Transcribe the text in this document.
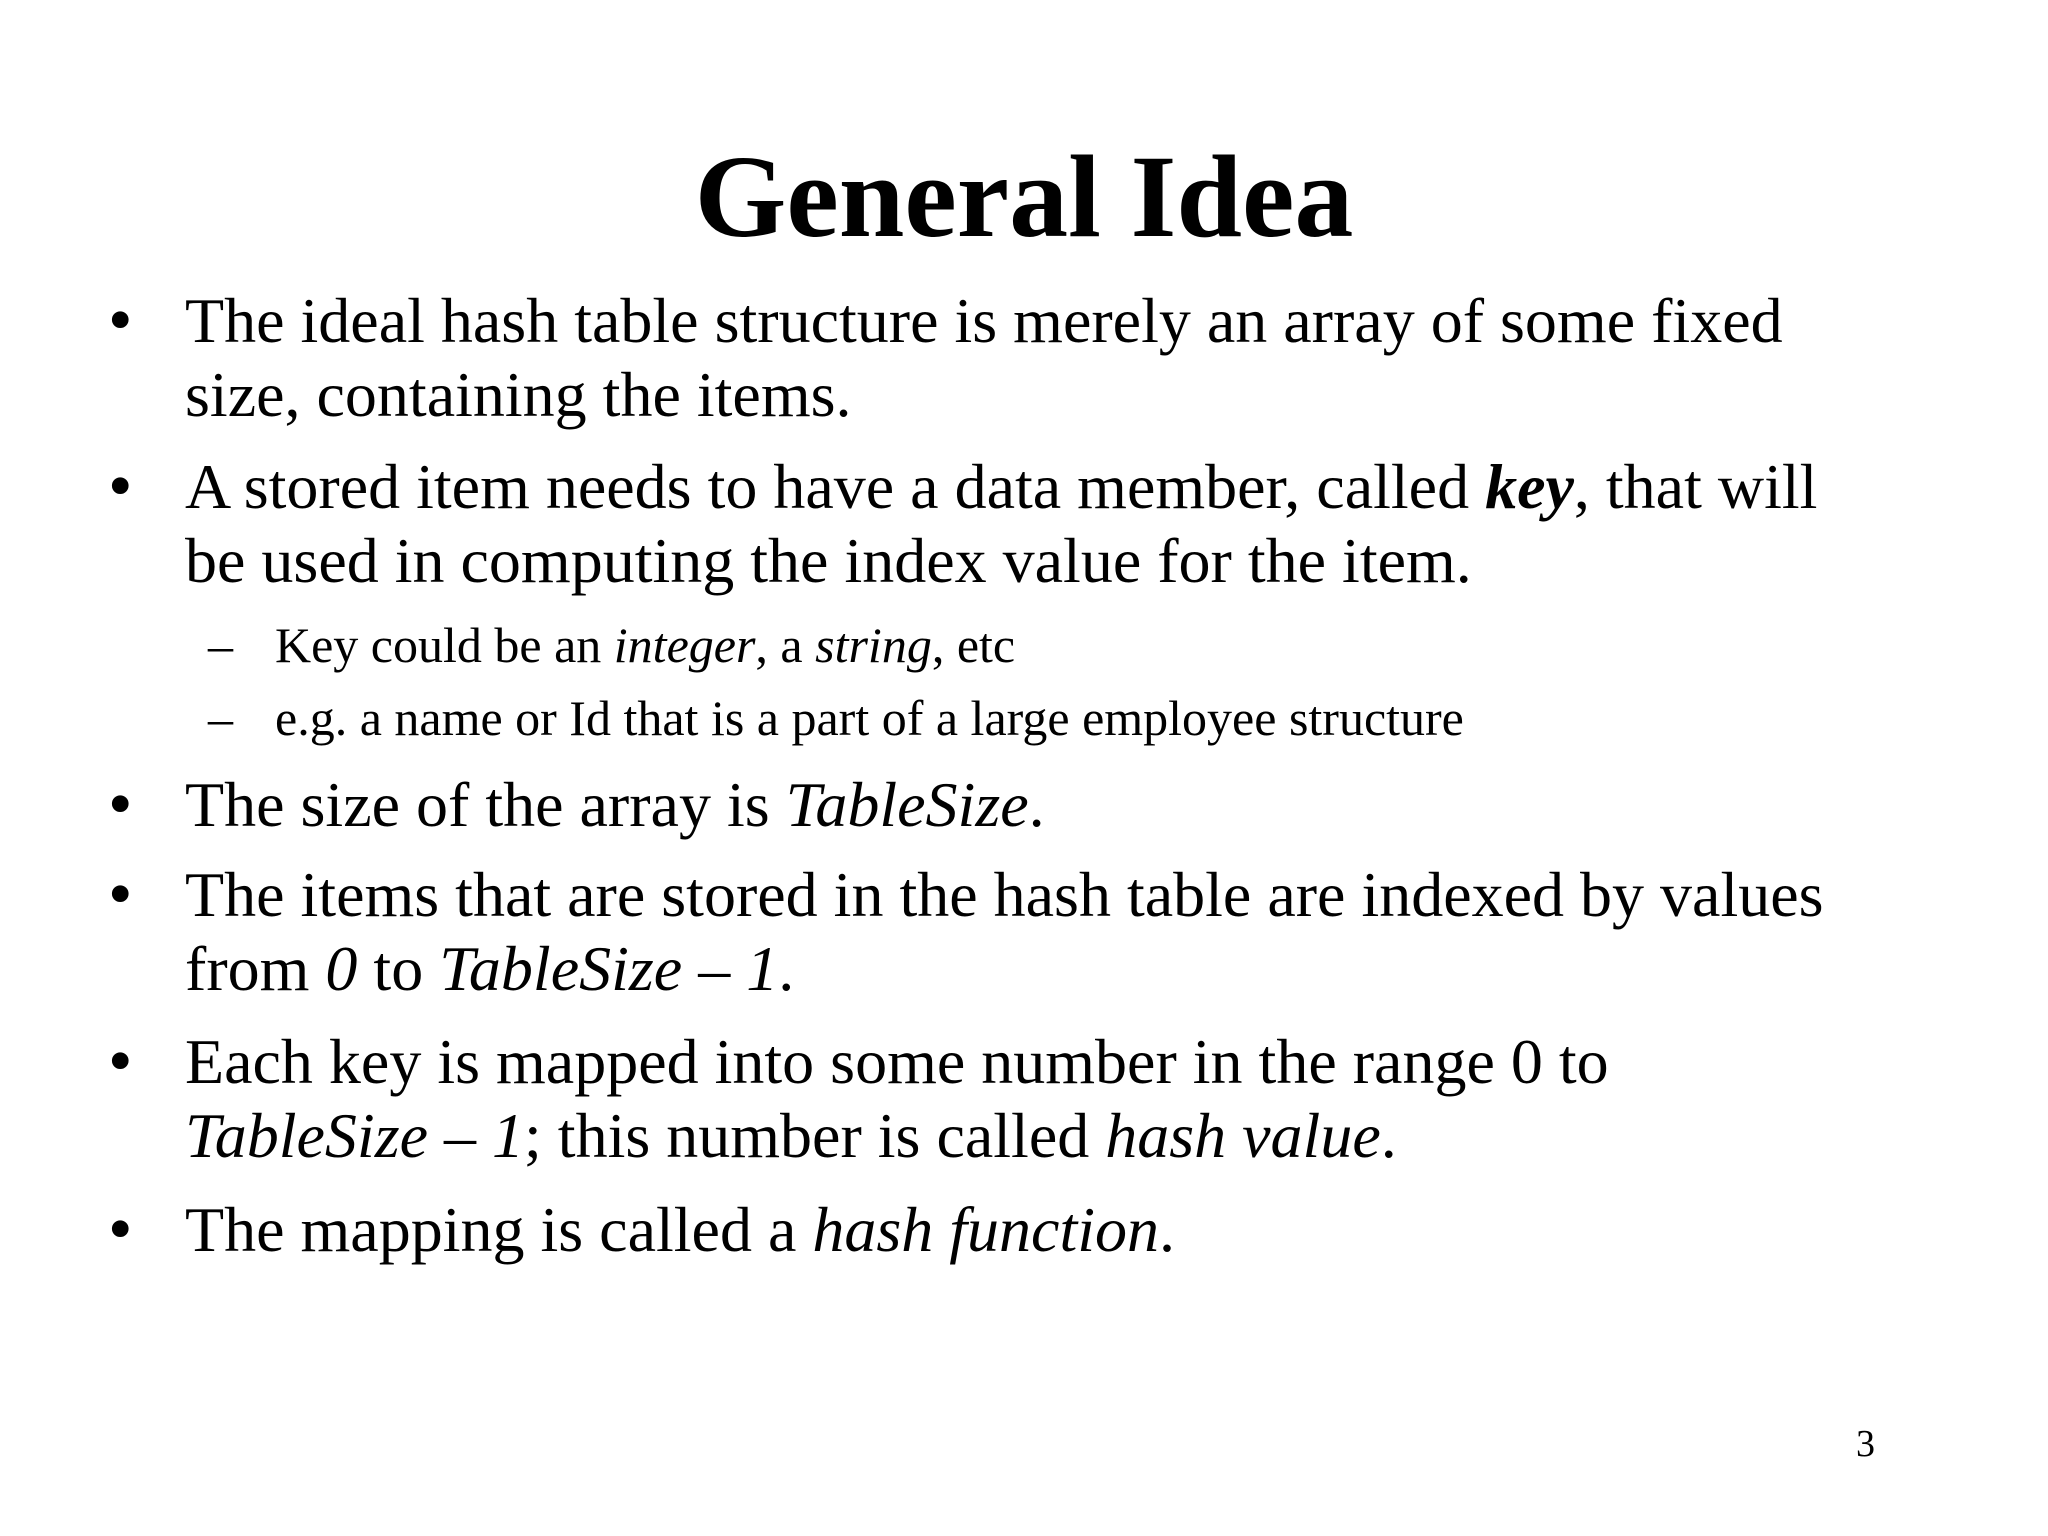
General Idea
• The ideal hash table structure is merely an array of some fixed
size, containing the items.
• A stored item needs to have a data member, called key, that will
be used in computing the index value for the item.
– Key could be an integer, a string, etc
– e.g. a name or Id that is a part of a large employee structure
• The size of the array is TableSize.
• The items that are stored in the hash table are indexed by values
from 0 to TableSize – 1.
• Each key is mapped into some number in the range 0 to
TableSize – 1; this number is called hash value.
• The mapping is called a hash function.
3
